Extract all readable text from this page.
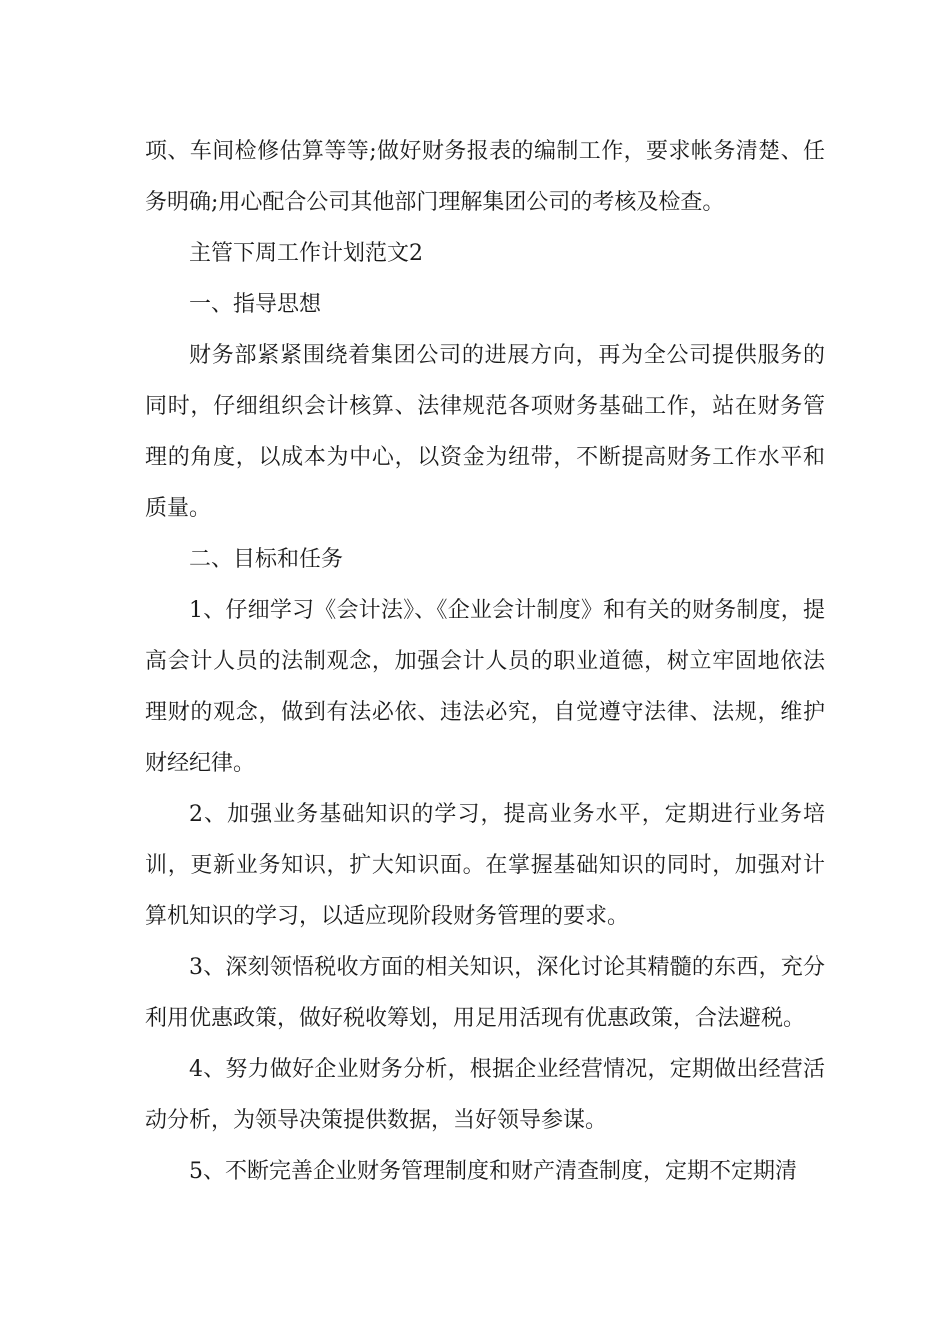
项、车间检修估算等等;做好财务报表的编制工作，要求帐务清楚、任务明确;用心配合公司其他部门理解集团公司的考核及检查。

主管下周工作计划范文2

一、指导思想

财务部紧紧围绕着集团公司的进展方向，再为全公司提供服务的同时，仔细组织会计核算、法律规范各项财务基础工作，站在财务管理的角度，以成本为中心，以资金为纽带，不断提高财务工作水平和质量。

二、目标和任务

1、仔细学习《会计法》、《企业会计制度》和有关的财务制度，提高会计人员的法制观念，加强会计人员的职业道德，树立牢固地依法理财的观念，做到有法必依、违法必究，自觉遵守法律、法规，维护财经纪律。

2、加强业务基础知识的学习，提高业务水平，定期进行业务培训，更新业务知识，扩大知识面。在掌握基础知识的同时，加强对计算机知识的学习，以适应现阶段财务管理的要求。

3、深刻领悟税收方面的相关知识，深化讨论其精髓的东西，充分利用优惠政策，做好税收筹划，用足用活现有优惠政策，合法避税。

4、努力做好企业财务分析，根据企业经营情况，定期做出经营活动分析，为领导决策提供数据，当好领导参谋。

5、不断完善企业财务管理制度和财产清查制度，定期不定期清
